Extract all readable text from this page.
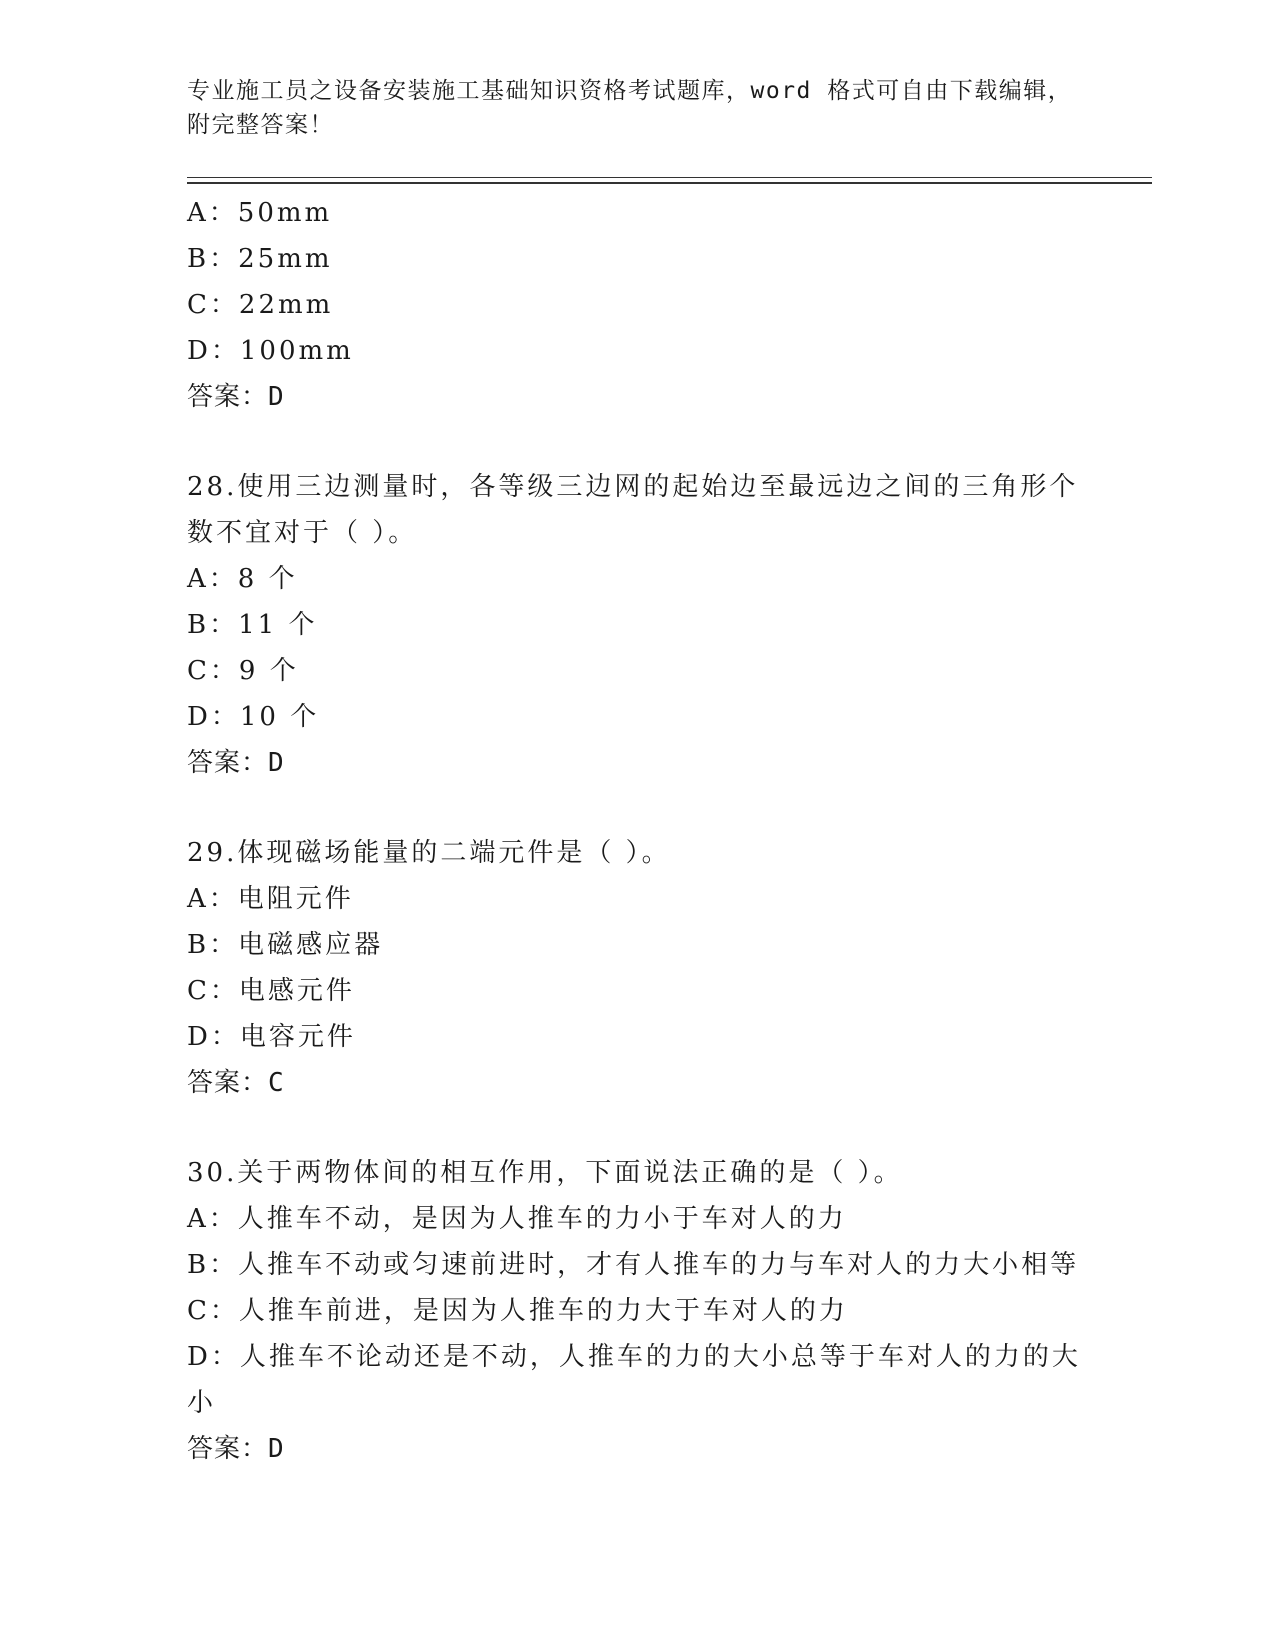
专业施工员之设备安装施工基础知识资格考试题库，word 格式可自由下载编辑，
附完整答案！
A：50mm
B：25mm
C：22mm
D：100mm
答案：D
28.使用三边测量时，各等级三边网的起始边至最远边之间的三角形个
数不宜对于（ ）。
A：8 个
B：11 个
C：9 个
D：10 个
答案：D
29.体现磁场能量的二端元件是（ ）。
A：电阻元件
B：电磁感应器
C：电感元件
D：电容元件
答案：C
30.关于两物体间的相互作用，下面说法正确的是（ ）。
A：人推车不动，是因为人推车的力小于车对人的力
B：人推车不动或匀速前进时，才有人推车的力与车对人的力大小相等
C：人推车前进，是因为人推车的力大于车对人的力
D：人推车不论动还是不动，人推车的力的大小总等于车对人的力的大
小
答案：D
